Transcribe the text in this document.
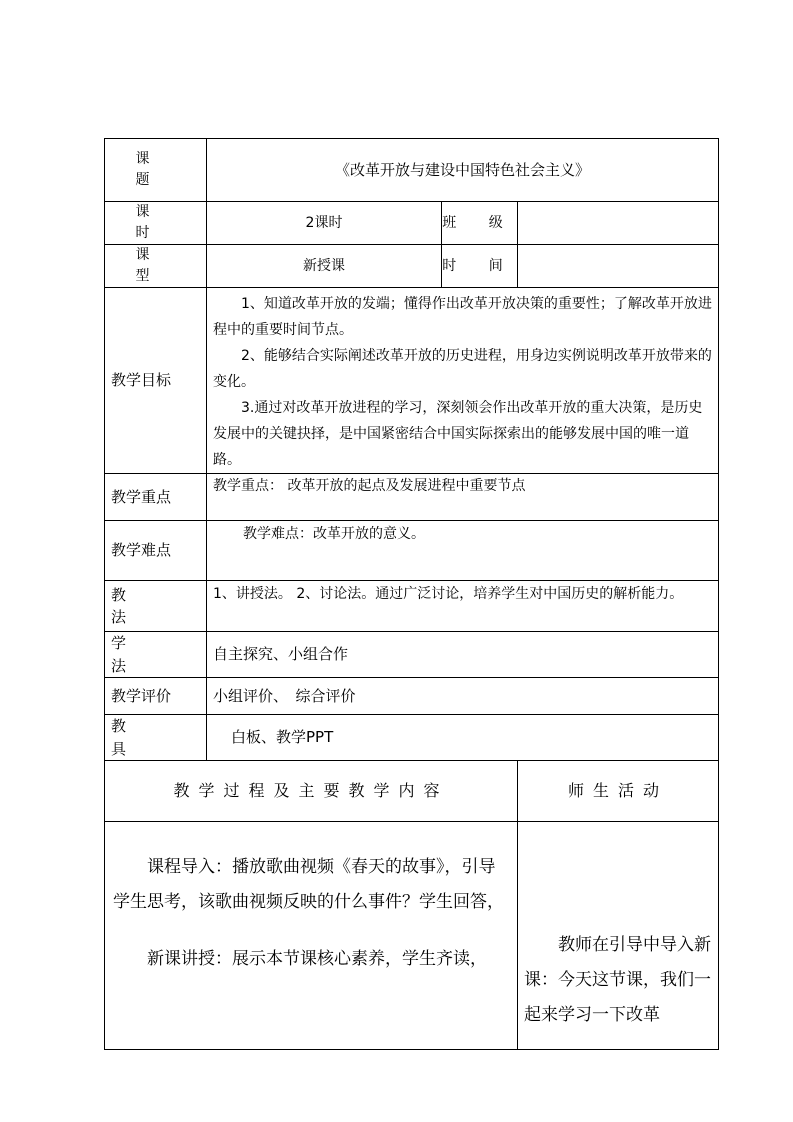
课 题	《改革开放与建设中国特色社会主义》		
课 时	2课时	班 级	
课 型	新授课	时 间	
教学目标	1、知道改革开放的发端；懂得作出改革开放决策的重要性；了解改革开放进程中的重要时间节点。

2、能够结合实际阐述改革开放的历史进程，用身边实例说明改革开放带来的变化。

3.通过对改革开放进程的学习，深刻领会作出改革开放的重大决策，是历史发展中的关键抉择，是中国紧密结合中国实际探索出的能够发展中国的唯一道路。		

教学重点	教学重点： 改革开放的起点及发展进程中重要节点		
教学难点	教学难点：改革开放的意义。		
教 法	1、讲授法。 2、讨论法。通过广泛讨论，培养学生对中国历史的解析能力。		
学 法	自主探究、小组合作		
教学评价	小组评价、　综合评价		
教 具	白板、教学PPT		
教学过程及主要教学内容			师生活动

课程导入：播放歌曲视频《春天的故事》，引导学生思考，该歌曲视频反映的什么事件？学生回答，

新课讲授：展示本节课核心素养，学生齐读，			教师在引导中导入新课：今天这节课，我们一起来学习一下改革
